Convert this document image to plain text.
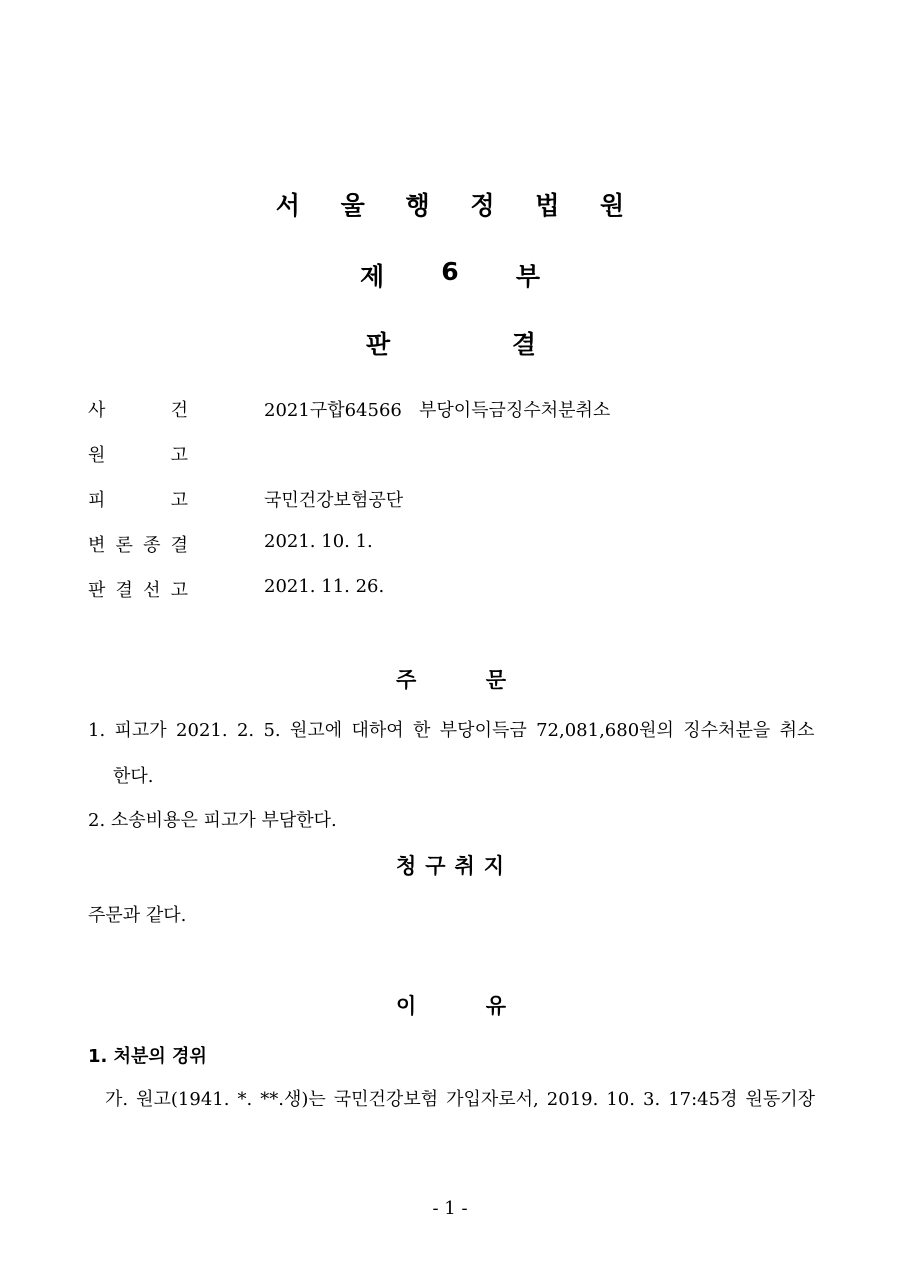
서 울 행 정 법 원
제 6 부
판	결
사	건	2021구합64566   부당이득금징수처분취소
원	고
피	고	국민건강보험공단
변 론 종 결	2021. 10. 1.
판 결 선 고	2021. 11. 26.
주	문
1. 피고가 2021. 2. 5. 원고에 대하여 한 부당이득금 72,081,680원의 징수처분을 취소
한다.
2. 소송비용은 피고가 부담한다.
청 구 취 지
주문과 같다.
이	유
1. 처분의 경위
가. 원고(1941. *. **.생)는 국민건강보험 가입자로서, 2019. 10. 3. 17:45경 원동기장
- 1 -
